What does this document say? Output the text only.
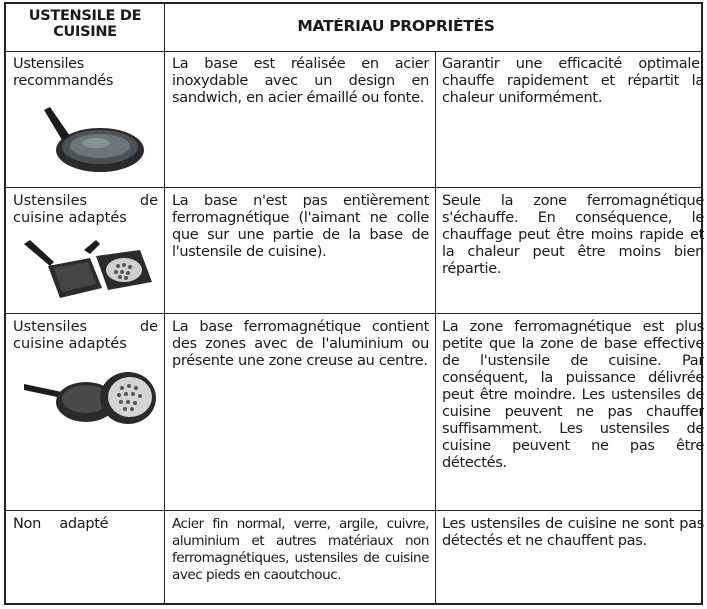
USTENSILE DE CUISINE	MATÉRIAU PROPRIÉTÉS
Ustensiles recommandés
La base est réalisée en acier inoxydable avec un design en sandwich, en acier émaillé ou fonte.
Garantir une efficacité optimale, chauffe rapidement et répartit la chaleur uniformément.
Ustensiles de cuisine adaptés
La base n'est pas entièrement ferromagnétique (l'aimant ne colle que sur une partie de la base de l'ustensile de cuisine).
Seule la zone ferromagnétique s'échauffe. En conséquence, le chauffage peut être moins rapide et la chaleur peut être moins bien répartie.
Ustensiles de cuisine adaptés
La base ferromagnétique contient des zones avec de l'aluminium ou présente une zone creuse au centre.
La zone ferromagnétique est plus petite que la zone de base effective de l'ustensile de cuisine. Par conséquent, la puissance délivrée peut être moindre. Les ustensiles de cuisine peuvent ne pas chauffer suffisamment. Les ustensiles de cuisine peuvent ne pas être détectés.
Non adapté	Acier fin normal, verre, argile, cuivre, aluminium et autres matériaux non ferromagnétiques, ustensiles de cuisine avec pieds en caoutchouc.
Les ustensiles de cuisine ne sont pas détectés et ne chauffent pas.
